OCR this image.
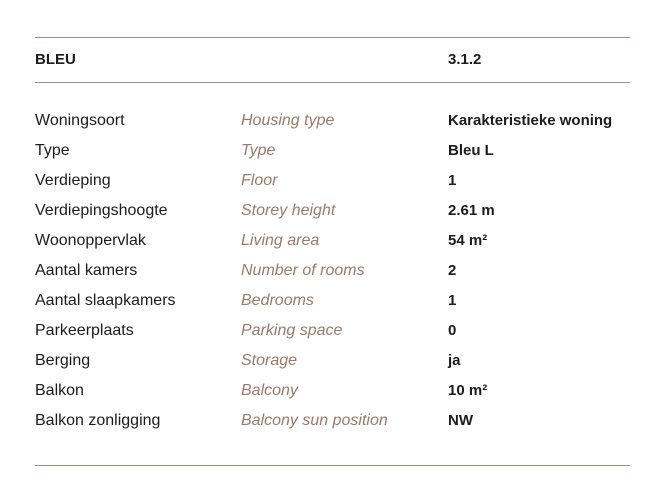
BLEU	3.1.2
Woningsoort	Housing type	Karakteristieke woning
Type	Type	Bleu L
Verdieping	Floor	1
Verdiepingshoogte	Storey height	2.61 m
Woonoppervlak	Living area	54 m²
Aantal kamers	Number of rooms	2
Aantal slaapkamers	Bedrooms	1
Parkeerplaats	Parking space	0
Berging	Storage	ja
Balkon	Balcony	10 m²
Balkon zonligging	Balcony sun position	NW
